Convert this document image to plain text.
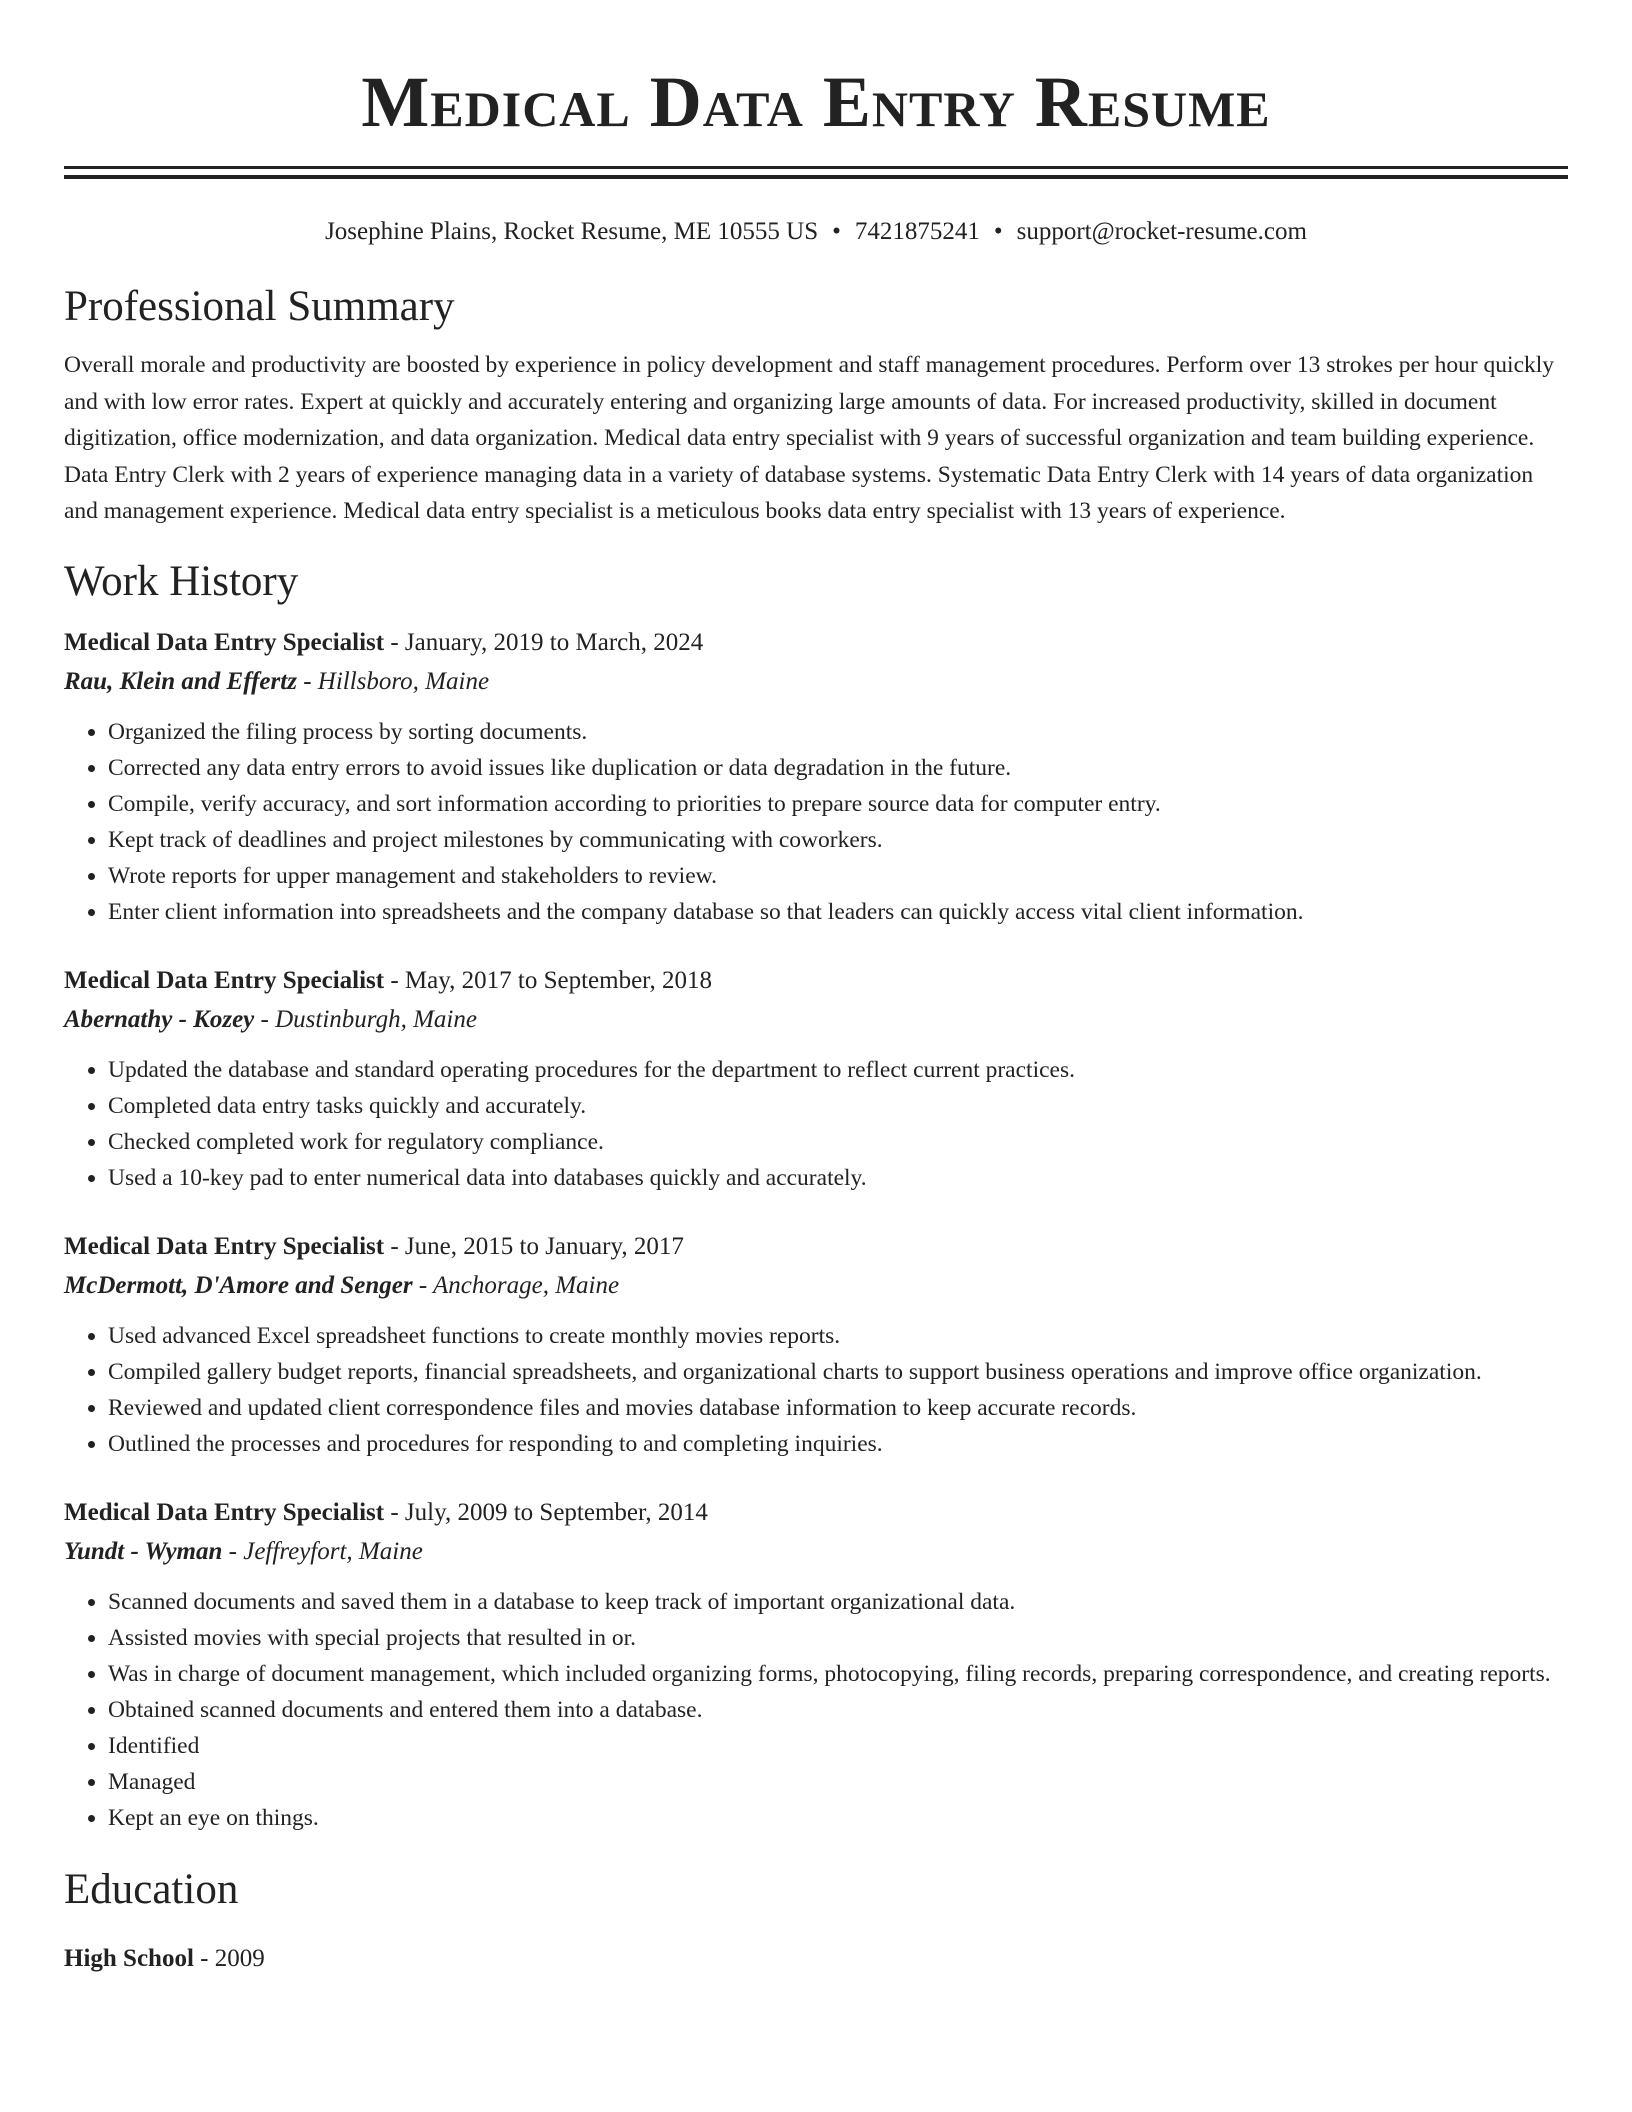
Medical Data Entry Resume
Josephine Plains, Rocket Resume, ME 10555 US • 7421875241 • support@rocket-resume.com
Professional Summary
Overall morale and productivity are boosted by experience in policy development and staff management procedures. Perform over 13 strokes per hour quickly and with low error rates. Expert at quickly and accurately entering and organizing large amounts of data. For increased productivity, skilled in document digitization, office modernization, and data organization. Medical data entry specialist with 9 years of successful organization and team building experience. Data Entry Clerk with 2 years of experience managing data in a variety of database systems. Systematic Data Entry Clerk with 14 years of data organization and management experience. Medical data entry specialist is a meticulous books data entry specialist with 13 years of experience.
Work History
Medical Data Entry Specialist - January, 2019 to March, 2024
Rau, Klein and Effertz - Hillsboro, Maine
• Organized the filing process by sorting documents.
• Corrected any data entry errors to avoid issues like duplication or data degradation in the future.
• Compile, verify accuracy, and sort information according to priorities to prepare source data for computer entry.
• Kept track of deadlines and project milestones by communicating with coworkers.
• Wrote reports for upper management and stakeholders to review.
• Enter client information into spreadsheets and the company database so that leaders can quickly access vital client information.
Medical Data Entry Specialist - May, 2017 to September, 2018
Abernathy - Kozey - Dustinburgh, Maine
• Updated the database and standard operating procedures for the department to reflect current practices.
• Completed data entry tasks quickly and accurately.
• Checked completed work for regulatory compliance.
• Used a 10-key pad to enter numerical data into databases quickly and accurately.
Medical Data Entry Specialist - June, 2015 to January, 2017
McDermott, D'Amore and Senger - Anchorage, Maine
• Used advanced Excel spreadsheet functions to create monthly movies reports.
• Compiled gallery budget reports, financial spreadsheets, and organizational charts to support business operations and improve office organization.
• Reviewed and updated client correspondence files and movies database information to keep accurate records.
• Outlined the processes and procedures for responding to and completing inquiries.
Medical Data Entry Specialist - July, 2009 to September, 2014
Yundt - Wyman - Jeffreyfort, Maine
• Scanned documents and saved them in a database to keep track of important organizational data.
• Assisted movies with special projects that resulted in or.
• Was in charge of document management, which included organizing forms, photocopying, filing records, preparing correspondence, and creating reports.
• Obtained scanned documents and entered them into a database.
• Identified
• Managed
• Kept an eye on things.
Education
High School - 2009
